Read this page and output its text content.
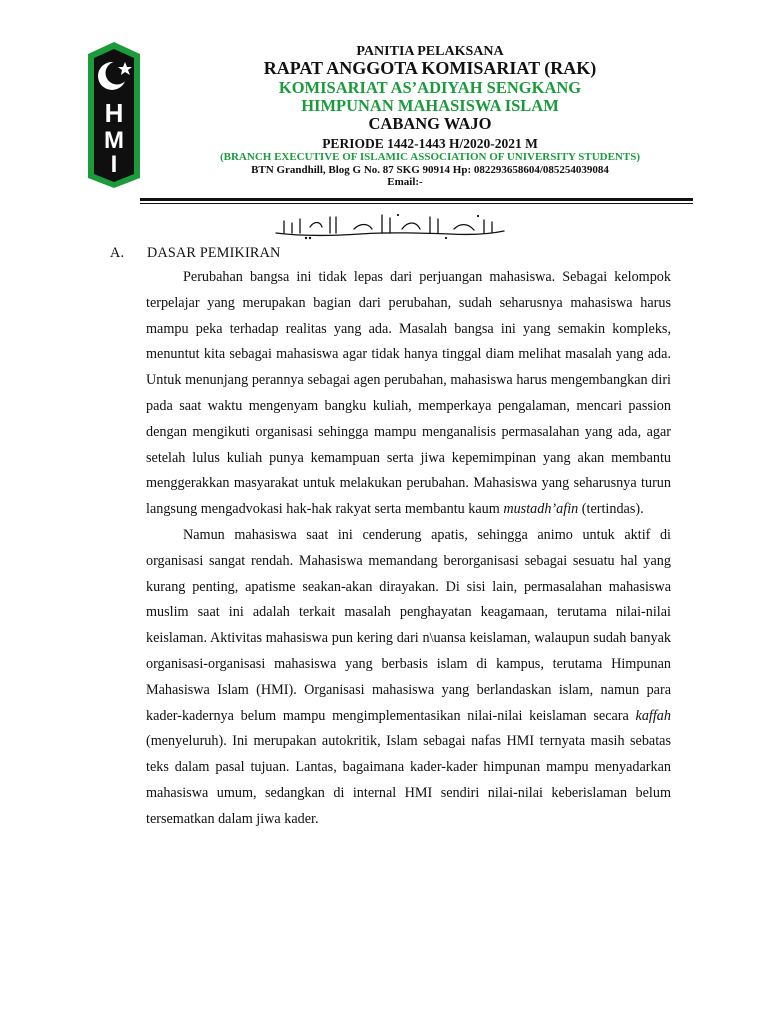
H
M
I
PANITIA PELAKSANA
RAPAT ANGGOTA KOMISARIAT (RAK)
KOMISARIAT AS’ADIYAH SENGKANG
HIMPUNAN MAHASISWA ISLAM
CABANG WAJO
PERIODE 1442-1443 H/2020-2021 M
(BRANCH EXECUTIVE OF ISLAMIC ASSOCIATION OF UNIVERSITY STUDENTS)
BTN Grandhill, Blog G No. 87 SKG 90914 Hp: 082293658604/085254039084
Email:-
A. DASAR PEMIKIRAN

Perubahan bangsa ini tidak lepas dari perjuangan mahasiswa. Sebagai kelompok terpelajar yang merupakan bagian dari perubahan, sudah seharusnya mahasiswa harus mampu peka terhadap realitas yang ada. Masalah bangsa ini yang semakin kompleks, menuntut kita sebagai mahasiswa agar tidak hanya tinggal diam melihat masalah yang ada. Untuk menunjang perannya sebagai agen perubahan, mahasiswa harus mengembangkan diri pada saat waktu mengenyam bangku kuliah, memperkaya pengalaman, mencari passion dengan mengikuti organisasi sehingga mampu menganalisis permasalahan yang ada, agar setelah lulus kuliah punya kemampuan serta jiwa kepemimpinan yang akan membantu menggerakkan masyarakat untuk melakukan perubahan. Mahasiswa yang seharusnya turun langsung mengadvokasi hak-hak rakyat serta membantu kaum mustadh’afin (tertindas).

Namun mahasiswa saat ini cenderung apatis, sehingga animo untuk aktif di organisasi sangat rendah. Mahasiswa memandang berorganisasi sebagai sesuatu hal yang kurang penting, apatisme seakan-akan dirayakan. Di sisi lain, permasalahan mahasiswa muslim saat ini adalah terkait masalah penghayatan keagamaan, terutama nilai-nilai keislaman. Aktivitas mahasiswa pun kering dari n\uansa keislaman, walaupun sudah banyak organisasi-organisasi mahasiswa yang berbasis islam di kampus, terutama Himpunan Mahasiswa Islam (HMI). Organisasi mahasiswa yang berlandaskan islam, namun para kader-kadernya belum mampu mengimplementasikan nilai-nilai keislaman secara kaffah (menyeluruh). Ini merupakan autokritik, Islam sebagai nafas HMI ternyata masih sebatas teks dalam pasal tujuan. Lantas, bagaimana kader-kader himpunan mampu menyadarkan mahasiswa umum, sedangkan di internal HMI sendiri nilai-nilai keberislaman belum tersematkan dalam jiwa kader.
